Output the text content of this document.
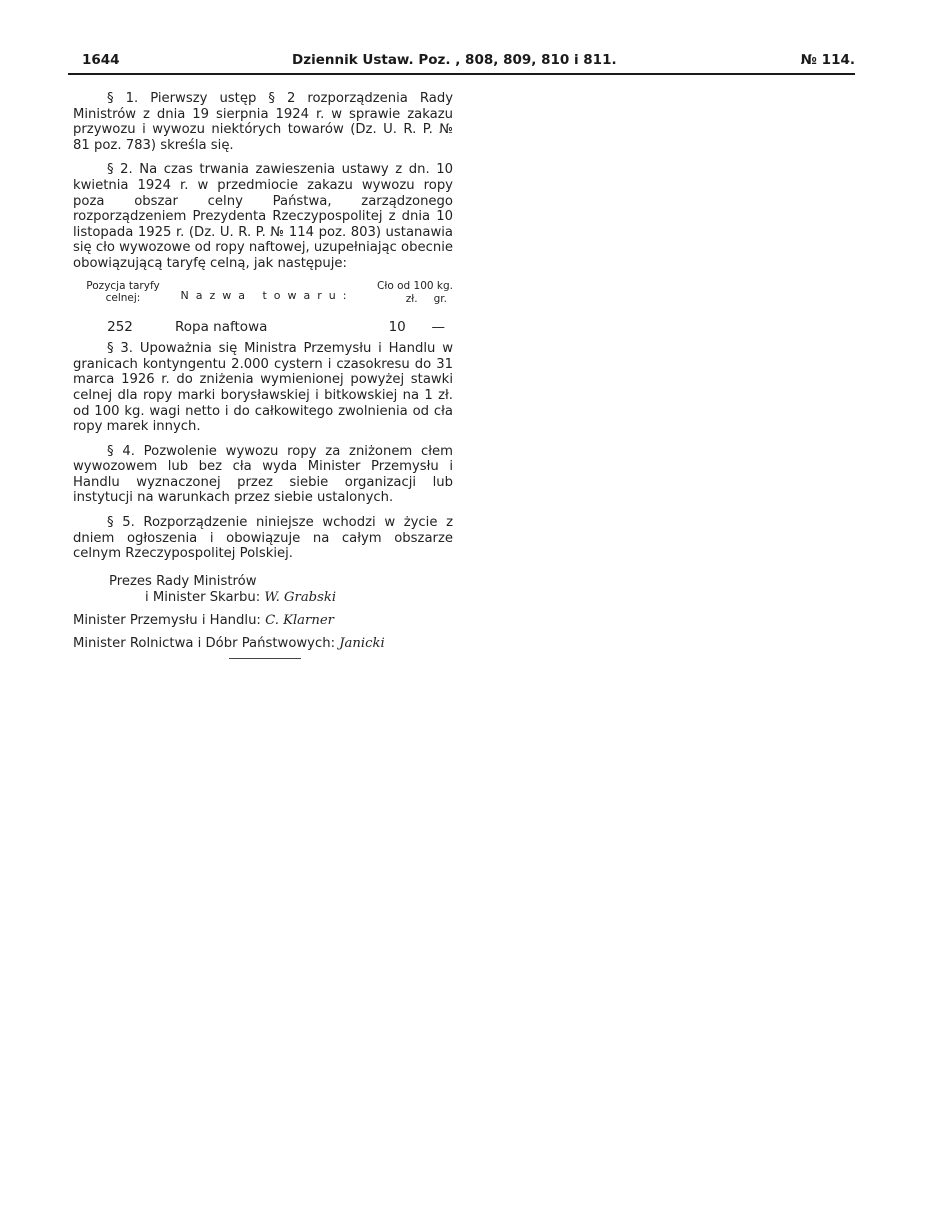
1644	Dziennik Ustaw. Poz. , 808, 809, 810 i 811.	№ 114.

§ 1. Pierwszy ustęp § 2 rozporządzenia Rady Ministrów z dnia 19 sierpnia 1924 r. w sprawie zakazu przywozu i wywozu niektórych towarów (Dz. U. R. P. № 81 poz. 783) skreśla się.

§ 2. Na czas trwania zawieszenia ustawy z dn. 10 kwietnia 1924 r. w przedmiocie zakazu wywozu ropy poza obszar celny Państwa, zarządzonego rozporządzeniem Prezydenta Rzeczypospolitej z dnia 10 listopada 1925 r. (Dz. U. R. P. № 114 poz. 803) ustanawia się cło wywozowe od ropy naftowej, uzupełniając obecnie obowiązującą taryfę celną, jak następuje:

Pozycja taryfy celnej:	Nazwa towaru:	Cło od 100 kg.
zł. gr.

252	Ropa naftowa	10 —

§ 3. Upoważnia się Ministra Przemysłu i Handlu w granicach kontyngentu 2.000 cystern i czasokresu do 31 marca 1926 r. do zniżenia wymienionej powyżej stawki celnej dla ropy marki borysławskiej i bitkowskiej na 1 zł. od 100 kg. wagi netto i do całkowitego zwolnienia od cła ropy marek innych.

§ 4. Pozwolenie wywozu ropy za zniżonem cłem wywozowem lub bez cła wyda Minister Przemysłu i Handlu wyznaczonej przez siebie organizacji lub instytucji na warunkach przez siebie ustalonych.

§ 5. Rozporządzenie niniejsze wchodzi w życie z dniem ogłoszenia i obowiązuje na całym obszarze celnym Rzeczypospolitej Polskiej.

Prezes Rady Ministrów

i Minister Skarbu: W. Grabski

Minister Przemysłu i Handlu: C. Klarner

Minister Rolnictwa i Dóbr Państwowych: Janicki
